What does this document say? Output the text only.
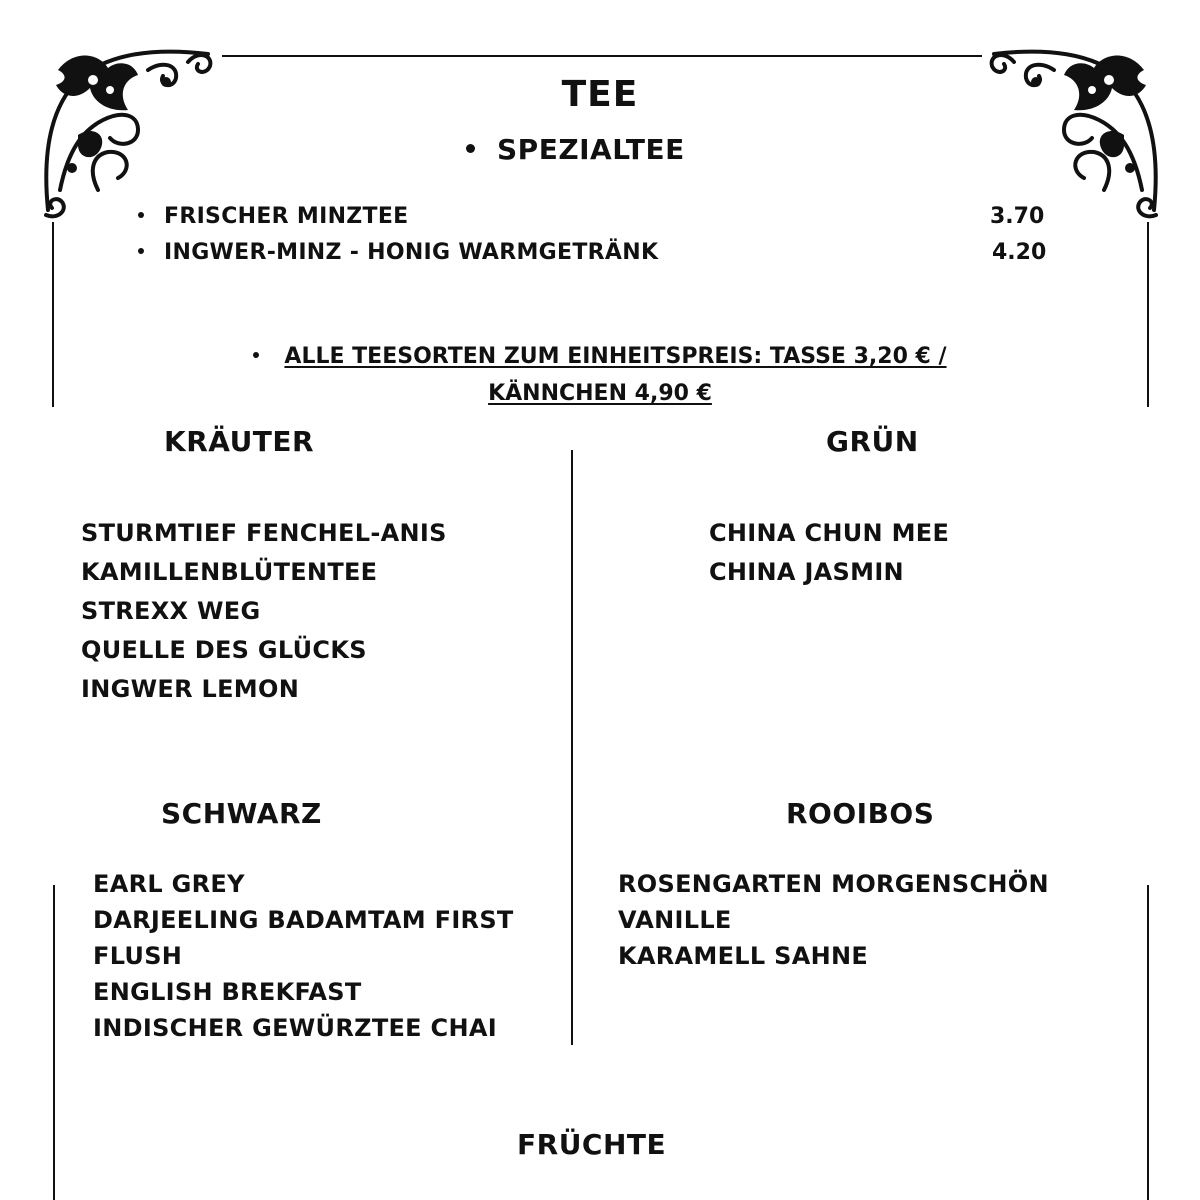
TEE
SPEZIALTEE
FRISCHER MINZTEE	3.70
INGWER-MINZ - HONIG WARMGETRÄNK	4.20
ALLE TEESORTEN ZUM EINHEITSPREIS: TASSE 3,20 € /
KÄNNCHEN 4,90 €
KRÄUTER
STURMTIEF FENCHEL-ANIS
KAMILLENBLÜTENTEE
STREXX WEG
QUELLE DES GLÜCKS
INGWER LEMON
GRÜN
CHINA CHUN MEE
CHINA JASMIN
SCHWARZ
EARL GREY
DARJEELING BADAMTAM FIRST
FLUSH
ENGLISH BREKFAST
INDISCHER GEWÜRZTEE CHAI
ROOIBOS
ROSENGARTEN MORGENSCHÖN
VANILLE
KARAMELL SAHNE
FRÜCHTE
